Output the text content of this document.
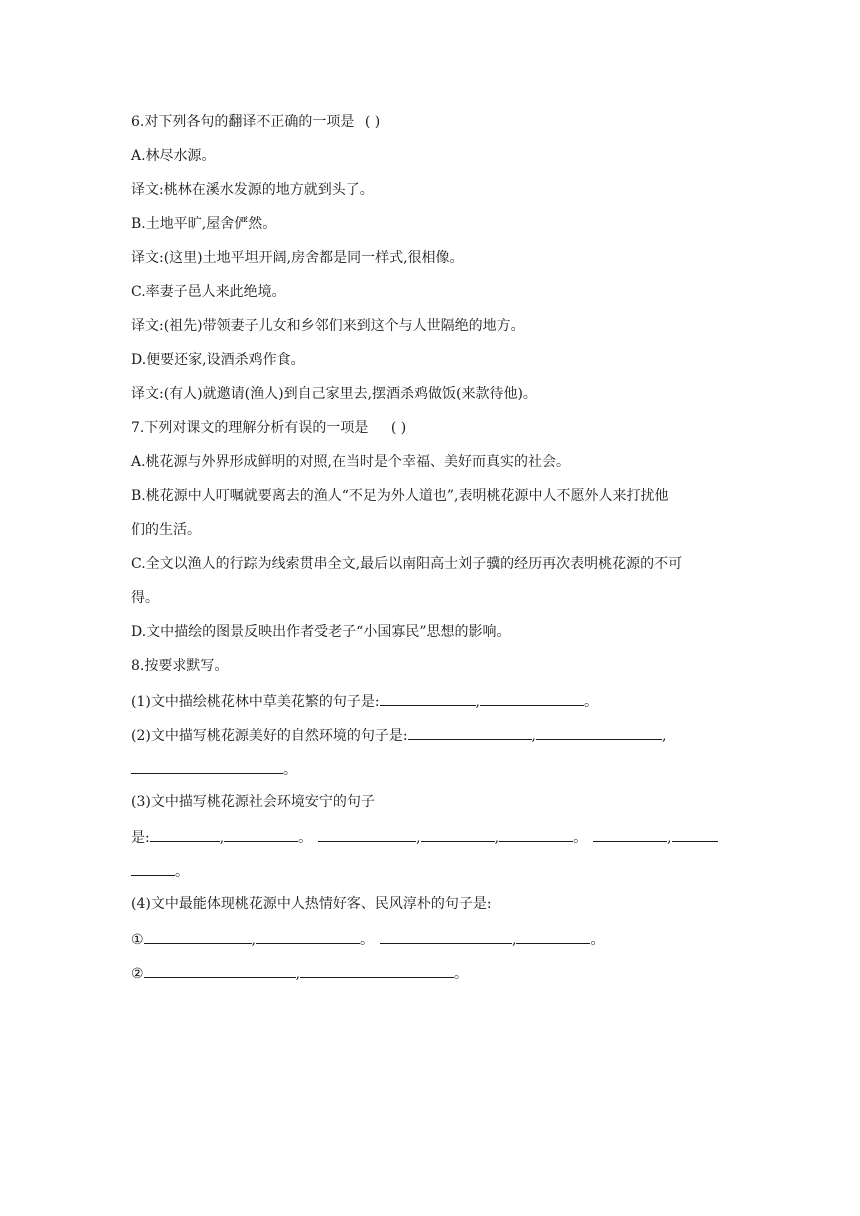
6.对下列各句的翻译不正确的一项是 ( )
A.林尽水源。
译文:桃林在溪水发源的地方就到头了。
B.土地平旷,屋舍俨然。
译文:(这里)土地平坦开阔,房舍都是同一样式,很相像。
C.率妻子邑人来此绝境。
译文:(祖先)带领妻子儿女和乡邻们来到这个与人世隔绝的地方。
D.便要还家,设酒杀鸡作食。
译文:(有人)就邀请(渔人)到自己家里去,摆酒杀鸡做饭(来款待他)。
7.下列对课文的理解分析有误的一项是 ( )
A.桃花源与外界形成鲜明的对照,在当时是个幸福、美好而真实的社会。
B.桃花源中人叮嘱就要离去的渔人“不足为外人道也”,表明桃花源中人不愿外人来打扰他
们的生活。
C.全文以渔人的行踪为线索贯串全文,最后以南阳高士刘子骥的经历再次表明桃花源的不可
得。
D.文中描绘的图景反映出作者受老子“小国寡民”思想的影响。
8.按要求默写。
(1)文中描绘桃花林中草美花繁的句子是:	,	。
(2)文中描写桃花源美好的自然环境的句子是:	,	,
。
(3)文中描写桃花源社会环境安宁的句子
是:	,	。	,	,	。	,
。
(4)文中最能体现桃花源中人热情好客、民风淳朴的句子是:
①	,	。	,	。
②	,	。
